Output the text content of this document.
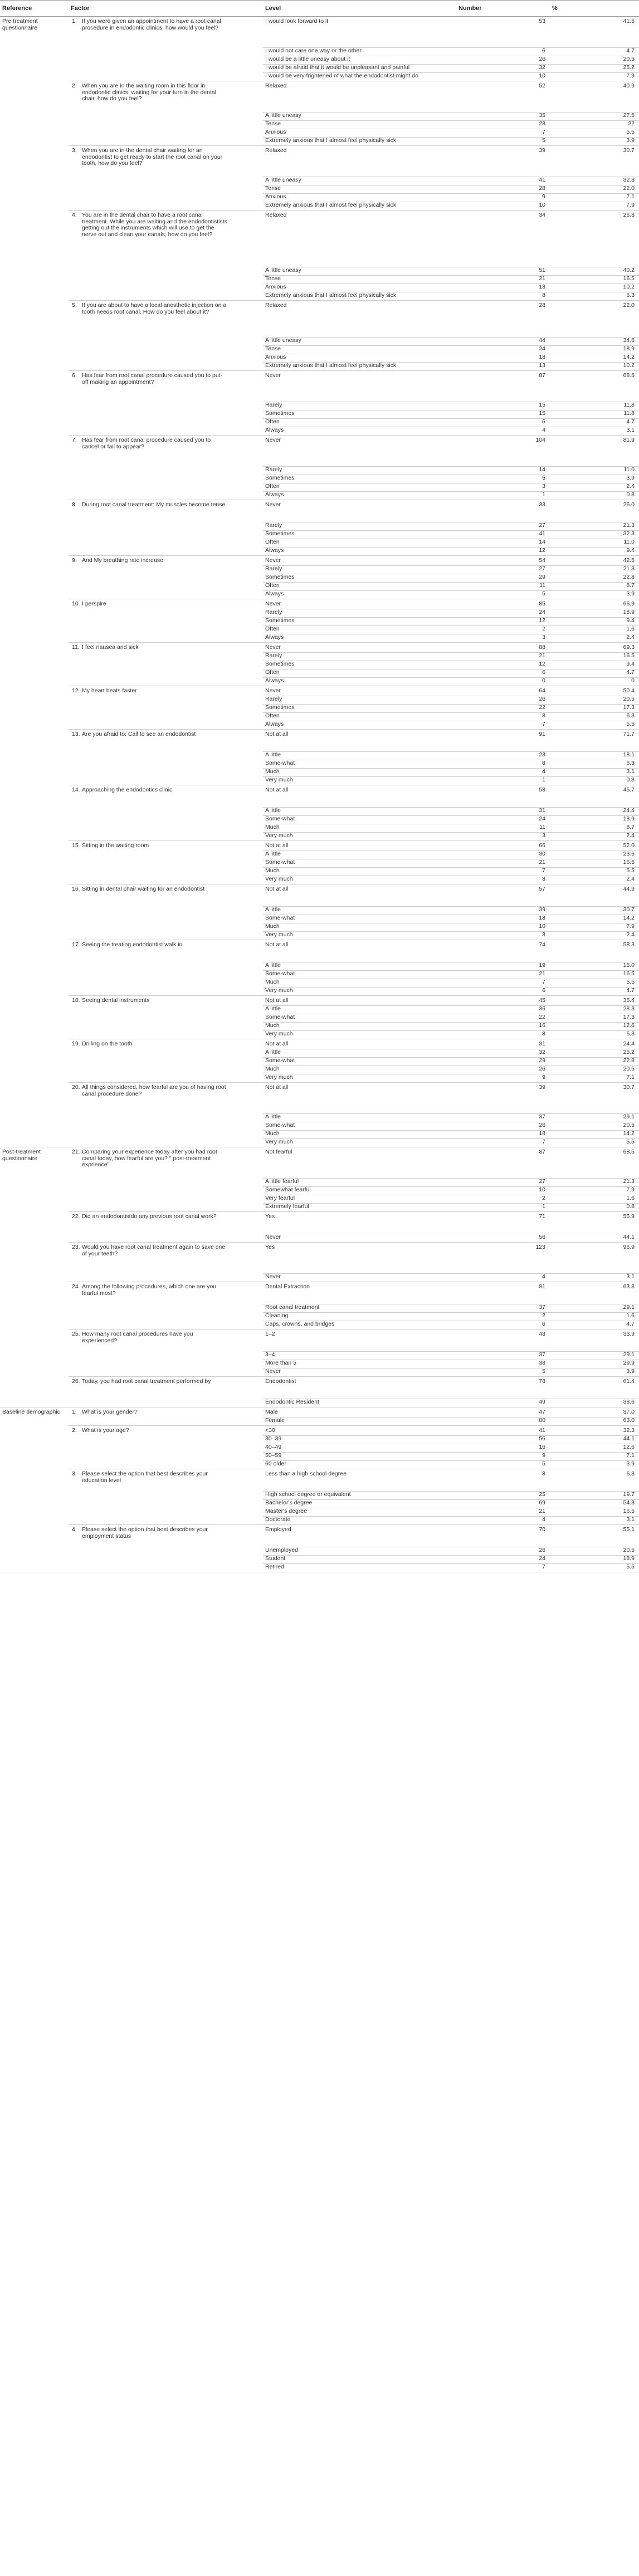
Reference	Factor	Level	Number	%
Pre treatment questionnaire	1. If you were given an appointment to have a root canal procedure in endodontic clinics, how would you feel?	I would look forward to it	53	41.5
		I would not care one way or the other	6	4.7
		I would be a little uneasy about it	26	20.5
		I would be afraid that it would be unpleasant and painful	32	25.2
		I would be very frightened of what the endodontist might do	10	7.9

	2. When you are in the waiting room in this floor in endodontic clinics, waiting for your turn in the dental chair, how do you feel?	Relaxed	52	40.9
		A little uneasy	35	27.5
		Tense	28	22
		Anxious	7	5.5
		Extremely anxious that I almost feel physically sick	5	3.9

	3. When you are in the dental chair waiting for an endodontist to get ready to start the root canal on your tooth, how do you feel?	Relaxed	39	30.7
		A little uneasy	41	32.3
		Tense	28	22.0
		Anxious	9	7.1
		Extremely anxious that I almost feel physically sick	10	7.9

	4. You are in the dental chair to have a root canal treatment. While you are waiting and the endodontistists getting out the instruments which will use to get the nerve out and clean your canals, how do you feel?	Relaxed	34	26.8
		A little uneasy	51	40.2
		Tense	21	16.5
		Anxious	13	10.2
		Extremely anxious that I almost feel physically sick	8	6.3

	5. If you are about to have a local anesthetic injection on a tooth needs root canal. How do you feel about it?	Relaxed	28	22.0
		A little uneasy	44	34.6
		Tense	24	18.9
		Anxious	18	14.2
		Extremely anxious that I almost feel physically sick	13	10.2

	6. Has fear from root canal procedure caused you to put-off making an appointment?	Never	87	68.5
		Rarely	15	11.8
		Sometimes	15	11.8
		Often	6	4.7
		Always	4	3.1

	7. Has fear from root canal procedure caused you to cancel or fail to appear?	Never	104	81.9
		Rarely	14	11.0
		Sometimes	5	3.9
		Often	3	2.4
		Always	1	0.8

	8. During root canal treatment: My muscles become tense	Never	33	26.0
		Rarely	27	21.3
		Sometimes	41	32.3
		Often	14	11.0
		Always	12	9.4

	9. And My breathing rate increase	Never	54	42.5
		Rarely	27	21.3
		Sometimes	29	22.8
		Often	11	8.7
		Always	5	3.9

	10. I perspire	Never	85	66.9
		Rarely	24	18.9
		Sometimes	12	9.4
		Often	2	1.6
		Always	3	2.4

	11. I feel nausea and sick	Never	88	69.3
		Rarely	21	16.5
		Sometimes	12	9.4
		Often	6	4.7
		Always	0	0

	12. My heart beats faster	Never	64	50.4
		Rarely	26	20.5
		Sometimes	22	17.3
		Often	8	6.3
		Always	7	5.5

	13. Are you afraid to: Call to see an endodontist	Not at all	91	71.7
		A little	23	18.1
		Some-what	8	6.3
		Much	4	3.1
		Very much	1	0.8

	14. Approaching the endodontics clinic	Not at all	58	45.7
		A little	31	24.4
		Some-what	24	18.9
		Much	11	8.7
		Very much	3	2.4

	15. Sitting in the waiting room	Not at all	66	52.0
		A little	30	23.6
		Some-what	21	16.5
		Much	7	5.5
		Very much	3	2.4

	16. Sitting in dental chair waiting for an endodontist	Not at all	57	44.9
		A little	39	30.7
		Some-what	18	14.2
		Much	10	7.9
		Very much	3	2.4

	17. Seeing the treating endodontist walk in	Not at all	74	58.3
		A little	19	15.0
		Some-what	21	16.5
		Much	7	5.5
		Very much	6	4.7

	18. Seeing dental instruments	Not at all	45	35.4
		A little	36	28.3
		Some-what	22	17.3
		Much	16	12.6
		Very much	8	6.3

	19. Drilling on the tooth	Not at all	31	24.4
		A little	32	25.2
		Some-what	29	22.8
		Much	26	20.5
		Very much	9	7.1

	20. All things considered, how fearful are you of having root canal procedure done?	Not at all	39	30.7
		A little	37	29.1
		Some-what	26	20.5
		Much	18	14.2
		Very much	7	5.5
Post-treatment questionnaire	21. Comparing your experience today after you had root canal today, how fearful are you? " post-treatment exprience"	Not fearful	87	68.5
		A little fearful	27	21.3
		Somewhat fearful	10	7.9
		Very fearful	2	1.6
		Extremely fearful	1	0.8

	22. Did an endodontistdo any previous root canal work?	Yes	71	55.9
		Never	56	44.1

	23. Would you have root canal treatment again to save one of your teeth?	Yes	123	96.9
		Never	4	3.1

	24. Among the following procedures, which one are you fearful most?	Dental Extraction	81	63.8
		Root canal treatment	37	29.1
		Cleaning	2	1.6
		Caps, crowns, and bridges	6	4.7

	25. How many root canal procedures have you experienced?	1–2	43	33.9
		3–4	37	29.1
		More than 5	38	29.9
		Never	5	3.9

	26. Today, you had root canal treatment performed by	Endodontist	78	61.4
		Endodontic Resident	49	38.6
Baseline demographic	1. What is your gender?	Male	47	37.0
		Female	80	63.0

	2. What is your age?	<30	41	32.3
		30–39	56	44.1
		40–49	16	12.6
		50–59	9	7.1
		60 older	5	3.9

	3. Please select the option that best describes your education level	Less than a high school degree	8	6.3
		High school degree or equivalent	25	19.7
		Bachelor's degree	69	54.3
		Master's degree	21	16.5
		Doctorate	4	3.1

	4. Please select the option that best describes your employment status	Employed	70	55.1
		Unemployed	26	20.5
		Student	24	18.9
		Retired	7	5.5
